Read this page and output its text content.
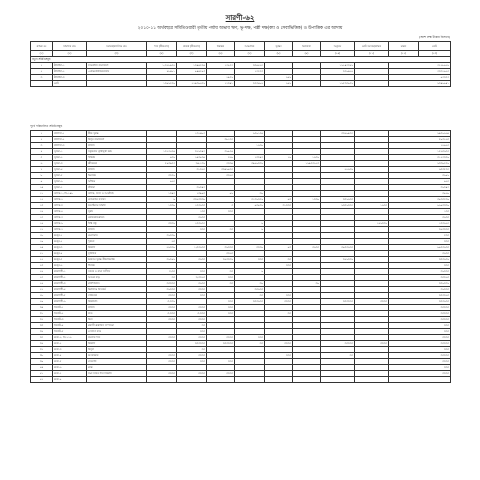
সারণী-৬২
২০১০-১১ অর্থবছরে সমিতিওয়ারী তৃতীয় পর্যায় অভাব ঋণ, ভূ-দক্ষ, পল্লী দক্ষ(ক্যা ও সেবাভিত্তিক) ও উপাত্তিক এর আদায়
(অংশ লক্ষ টাকার হিসাবে)
ক্রমিক নং	সমিতির নাম	সংস্থার/কার্যালয় নাম	শস্য (বীজগ্রহ)	রাজস্ব (বীজগ্রহ)	হস্তান্তর	আঞ্চলিক	সুরক্ষা	নিরাপত্তা	অনুদান	মোট আদায়/ক্রমিক	মন্তব্য	মোট
(১)	(২)	(৩)	(৪)	(৫)	(৬)	(৭)	(৮)	(৯)	(১০)	(১১)	(১২)	(১৩)
নতুন সমিতিসমূহ												
১	টাঙ্গাইল-১	পাথরাইল বাংলাদেশ	১,৩২৮০৫৪	১৩০০৫৫০	১৫৮৫৫	৩৩০৪৬৫			১৬২০৫৩৪৬		৫৭৬৮৯৬৬	
২	টাঙ্গাইল-২	এনডিয়ারিপিয়ারাবাদ	৪৮০৮১	৯০০৫৯৩		১৫৫৫৩			৩৫৯০৬৪		৫৩৩৭৯৬৫	
৩	টাঙ্গাইল-৩				২০৫৬		৬৪৬				৯৫৩৫৫	
	মোট		১৩৯৬৫৫৯	২২০৩৯৪৫৬	১৭৩০১	৩৫৩৯৮৪	৬৪৬		১৬৫৩৩৯৫৬		৬৩০৯৯০১	
পূর্বে পরিচালিত সমিতিসমূহ
১	বরিশাল-১	বীজ সুরক্ষ		১৩২০৮৫		৬৫৯১৫০			৩৩৬৯০৩৫		৬০৩৯৬৬০
২	বরিশাল-২	বিলুর বাংলাদেশ			৩৮১৩৫						৫৯৩২৬৩
৩	বরিশাল-৩	বাঙ্গাল				১৬৩৯					১৪৯৬৫
৪	খুলনা-১	সবুজবাগ মুক্তিযুক্ত জন্ম	১৩১৫৪৫০	৩২৬৩০৫	৩৬৯৫০						১৫৬৩৬৩৫
৫	খুলনা-২	শান্তিনি	৯৩৬	১০৩৯৩০	৫৬৯	১৩৩০৫	১৯	১৬৩৬			৩১২৫৩৫৯
৬	খুলনা-৩	জীবনধর	৫৯৩০৫৫	৩০,১৩৬	৫৩৩০	৩০৬৯৩৩৬		১৬০৫৩৬১৩			৬৩৩৯৫৫৯
৭	খুলনা-৪	বাঙ্গাল		৩১৩৬৫	৩৩০৬৯৩৫				৬২৬৩৬		৬৩৩৫৩৫
৮	খুলনা-৫	ভিলেজ	৩৩৫৯		৩৩৬৫						৩৬৯৬
৯	খুলনা-৬	আঁকিয়	৯৬৫								৯৬৫
১০	খুলনা-৭	বাঁকানা		৩৬৩০৫							৩৬৩০৫
১১	যশোর-১, সি-১০৮	যশোর, পাতা ও আর্থসিঙ্গ	১৩০৫	১৩০৯৩	৯৬	৩৯					৩৯৬৯
১২	যশোর-২	দেশুরাহর পতাকা	৯	৩৩৬৩৩৩৯		৩১৩৬৩৫৯	৯৩	১৩৩৯	৩৩৬৬৩৩		৩৯৩৩৫৩৯
১৩	যশোর-৩	বনগাঁয়তন সমিতি	১৩৩৯	১৩৩৬৩৩	৩	৯৩৯৩৬	৩১৩৩৩		৬৩৩৬৩৩৫	১৬৩৩	৯৬৯৩৩৩৯
১৪	যশোর-৪	সুরস্ব		১৩৩	৩৩৩						১৩৩
১৫	যশোর-৫	ঢেকিবরুফপ্রমিত		৩৬৩৩							৩৬৩৩
১৬	যশোর-৬	উষ্টি বন্ধু	৩৩৩৬	১৩৩৬৩৫		৯				১৬৬৩৩৬	১৩৩৬৬৫
১৭	যশোর-৭	বাঙ্গাল		৩৩৩	৩৩	৯					৩৬৩৩৩৩
১৮	রংপুর-১	ডেলাথনি	৩৬৩৩৯								৫৩৩
১৯	রংপুর-২	ছুকানা	৬৩								৩৩৩
২০	রংপুর-৩	বিজলি	৬৬৩৩৯	১,৩৩৬৩৩	৩৬৩৩৩	৩৩৩৯	৯৩	৩৬৩৩	৩৯৩৩৬৩৩		৯৯৩৩৬৩৩
২১	রংপুর-৪	তুঙ্গলিক			৩৩৬৩						৩৬৩৩
২২	রংপুর-৫	ভারতন সুরক্ষ বীজপিয়াজি	৩৬৩৯৬	৩৬৩৩	৩৬৩৩৩৬	৩৩৩	৩৩		৩৬৬৩৩৬		৩৩৩৬৩৬
২৩	রংপুর-৬	শিরাজ					৩৩৩				৩৩৩
২৪	রাজশাহী-১	খাচার ও রাখা সতীত্য	৩,৩৩	৩৩৩	৩৩	৯					৩৬৩৩৩
২৫	রাজশাহী-২	আমের বাড়	৩৩	৩,৩৩৬৩	৩৩৩						৩৩৩৬৩
২৬	রাজশাহী-৩	মহাশিঙ্গলাদ	৩৩৩৩৩	৩৬৩৩	৩৩	৩৯		৩৯			৩৩৯৩৩৬
২৭	রাজশাহী-৪	ক্ষিতিবিঃ সিধ্যকর্ম	৩৬৩৩৩	৩৩৩৩		৩৩৬৩৩					৩৬৩৩৩
২৮	রাজশাহী-৫	গান্ধানার	৩৩৩৩	৩৩৩		৩৩	৩৩৩				৩৩৩৩৬৩
২৯	রাজশাহী-৬	বিজয়িতি	৩,৩৩৬		৩৩৩	৩৩৩৬৩৩	৩৩৩৩		৩৩৩৩৩৩	৩৩৩৩	৩৩৩৬৩৩
৩০	সিলেট-১	বাঙ্গাল	৩৩৩৩	৩৩৩৩	৩৩৩						৩৩৩৩৩
৩১	সিলেট-২	বাগু	৩,৩৩৩	৩,৩৩৩	৩৩৩		৩৩				৩৩৩৩৩
৩২	সিলেট-৩	বিনা	৩৩৩৩	৩৩৩৩							৩৩৩৩৩
৩৩	সিলেট-৪	প্রবাসী প্রস্তাবিত সম্পাদনা		৩৩							৩৩৩
৩৪	সিলেট-৫	গোলাপ বাগু		৩৩৩							৩৩৩
৩৫	ঢাকা-১, সি-১১৬	বাংলার শস্য	৩৩৩৩	৩৩৩৩	৩৩৩৩	৩৩৩					৩৩৩৩
৩৬	ঢাকা-২	বিজলি		৩৩৩৩৩৩	৩৩৩৩৩৩	৩৩	৩৩৩৩		৩৩৩৩৩	৩৩৩৩	৩৩৩৩৩
৩৭	ঢাকা-৩	বিপুল		৩৩							৩৩৩
৩৮	ঢাকা-৪	ঋণবাজার	৩৩৩৩	৩৩৩৩			৩৩৩		৩৩		৩৩৩৩৩
৩৯	ঢাকা-৫	সোনালি	৩৩৩৩	৩৩৩	৩৩৩						৩৩৩৩
৪০	ঢাকা-৬	প্রান্ত									৩৩৩
৪১	ঢাকা-৭	পদ্মা সাসন শস্য বিজলি	৩৩৩৩	৩৩৩৩	৩৩৩৩						৩৩৩৩
৪২	ঢাকা-৮										
